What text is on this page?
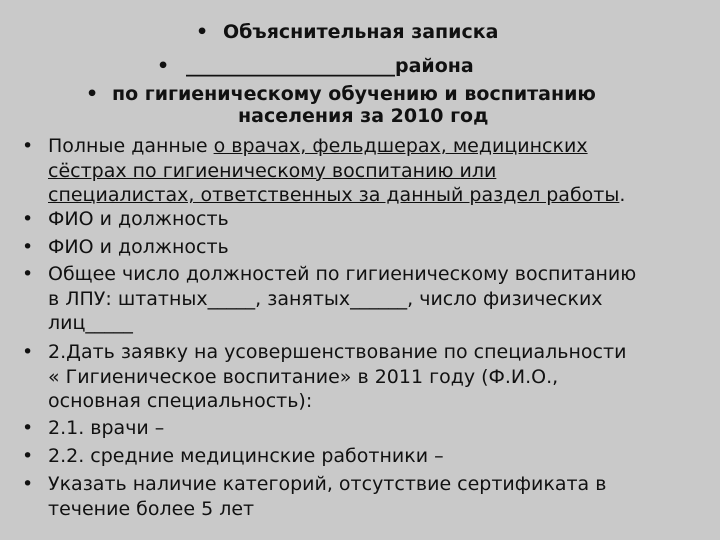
• Объяснительная записка
• ______________________района
• по гигиеническому обучению и воспитанию
населения за 2010 год
• Полные данные о врачах, фельдшерах, медицинских
сёстрах по гигиеническому воспитанию или
специалистах, ответственных за данный раздел работы.
• ФИО и должность
• ФИО и должность
• Общее число должностей по гигиеническому воспитанию
в ЛПУ: штатных_____, занятых______, число физических
лиц_____
• 2.Дать заявку на усовершенствование по специальности
« Гигиеническое воспитание» в 2011 году (Ф.И.О.,
основная специальность):
• 2.1. врачи –
• 2.2. средние медицинские работники –
• Указать наличие категорий, отсутствие сертификата в
течение более 5 лет
